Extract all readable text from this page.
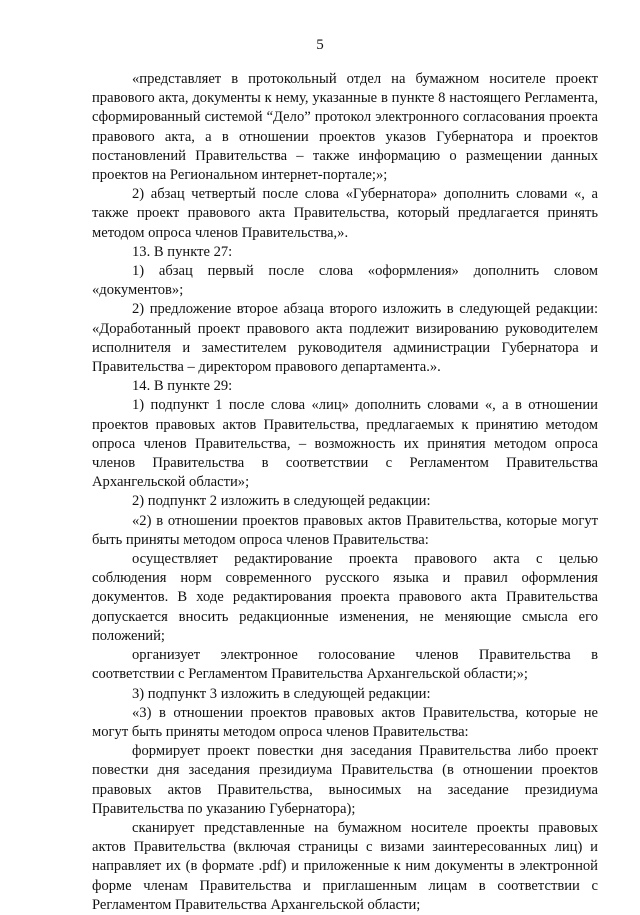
5

«представляет в протокольный отдел на бумажном носителе проект правового акта, документы к нему, указанные в пункте 8 настоящего Регламента, сформированный системой “Дело” протокол электронного согласования проекта правового акта, а в отношении проектов указов Губернатора и проектов постановлений Правительства – также информацию о размещении данных проектов на Региональном интернет-портале;»;

2) абзац четвертый после слова «Губернатора» дополнить словами «, а также проект правового акта Правительства, который предлагается принять методом опроса членов Правительства,».

13. В пункте 27:

1) абзац первый после слова «оформления» дополнить словом «документов»;

2) предложение второе абзаца второго изложить в следующей редакции: «Доработанный проект правового акта подлежит визированию руководителем исполнителя и заместителем руководителя администрации Губернатора и Правительства – директором правового департамента.».

14. В пункте 29:

1) подпункт 1 после слова «лиц» дополнить словами «, а в отношении проектов правовых актов Правительства, предлагаемых к принятию методом опроса членов Правительства, – возможность их принятия методом опроса членов Правительства в соответствии с Регламентом Правительства Архангельской области»;

2) подпункт 2 изложить в следующей редакции:

«2) в отношении проектов правовых актов Правительства, которые могут быть приняты методом опроса членов Правительства:

осуществляет редактирование проекта правового акта с целью соблюдения норм современного русского языка и правил оформления документов. В ходе редактирования проекта правового акта Правительства допускается вносить редакционные изменения, не меняющие смысла его положений;

организует электронное голосование членов Правительства в соответствии с Регламентом Правительства Архангельской области;»;

3) подпункт 3 изложить в следующей редакции:

«3) в отношении проектов правовых актов Правительства, которые не могут быть приняты методом опроса членов Правительства:

формирует проект повестки дня заседания Правительства либо проект повестки дня заседания президиума Правительства (в отношении проектов правовых актов Правительства, выносимых на заседание президиума Правительства по указанию Губернатора);

сканирует представленные на бумажном носителе проекты правовых актов Правительства (включая страницы с визами заинтересованных лиц) и направляет их (в формате .pdf) и приложенные к ним документы в электронной форме членам Правительства и приглашенным лицам в соответствии с Регламентом Правительства Архангельской области;
